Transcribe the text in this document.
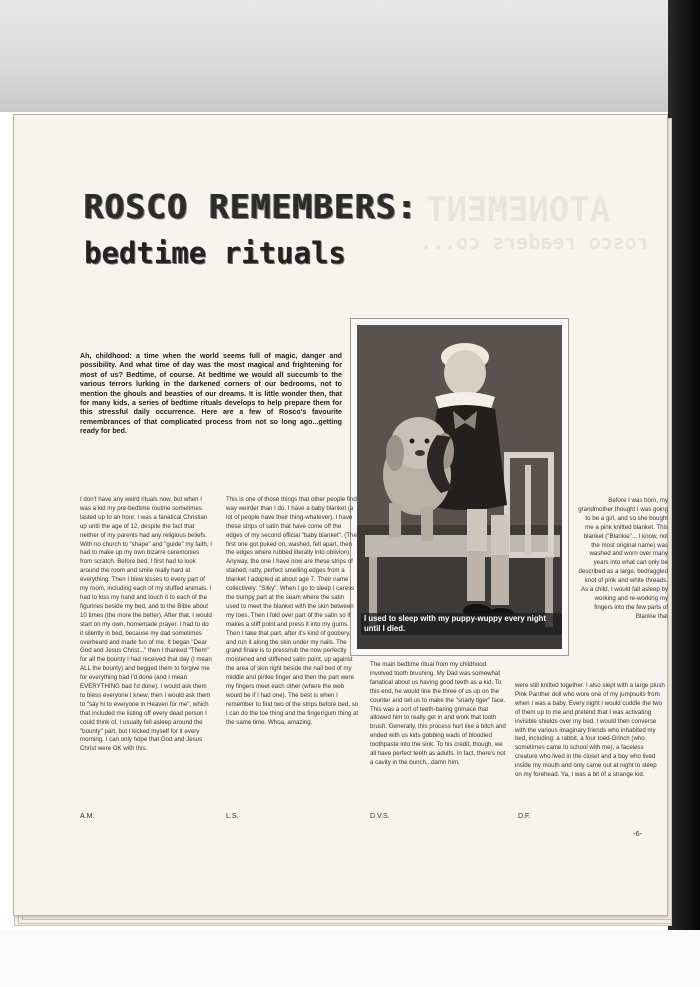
ATONEMENT
rosco readers co...
ROSCO REMEMBERS:
bedtime rituals

Ah, childhood: a time when the world seems full of magic, danger and possibility. And what time of day was the most magical and frightening for most of us? Bedtime, of course. At bedtime we would all succumb to the various terrors lurking in the darkened corners of our bedrooms, not to mention the ghouls and beasties of our dreams. It is little wonder then, that for many kids, a series of bedtime rituals develops to help prepare them for this stressful daily occurrence. Here are a few of Rosco's favourite remembrances of that complicated process from not so long ago...getting ready for bed.

I used to sleep with my puppy-wuppy every night until I died.

I don't have any weird rituals now, but when I was a kid my pre-bedtime routine sometimes lasted up to an hour. I was a fanatical Christian up until the age of 12, despite the fact that neither of my parents had any religious beliefs. With no church to "shape" and "guide" my faith, I had to make up my own bizarre ceremonies from scratch. Before bed, I first had to look around the room and smile really hard at everything. Then I blew kisses to every part of my room, including each of my stuffed animals. I had to kiss my hand and touch it to each of the figurines beside my bed, and to the Bible about 10 times (the more the better). After that, I would start on my own, homemade prayer. I had to do it silently in bed, because my dad sometimes overheard and made fun of me. It began "Dear God and Jesus Christ..." then I thanked "Them" for all the bounty I had received that day (I mean ALL the bounty) and begged them to forgive me for everything bad I'd done (and I mean EVERYTHING bad I'd done). I would ask them to bless everyone I knew, then I would ask them to "say hi to everyone in Heaven for me", which that included me listing off every dead person I could think of. I usually fell asleep around the "bounty" part, but I kicked myself for it every morning. I can only hope that God and Jesus Christ were OK with this.

This is one of those things that other people find way weirder than I do. I have a baby blanket (a lot of people have their thing-whatever). I have these strips of satin that have come off the edges of my second official "baby blanket". (The first one got puked on, washed, fell apart, then the edges where rubbed literally into oblivion). Anyway, the one I have now are these strips of stained, ratty, perfect smelling edges from a blanket I adopted at about age 7. Their name collectively: "Silky". When I go to sleep I caress the bumpy part at the seam where the satin used to meet the blanket with the skin between my toes. Then I fold over part of the satin so it makes a stiff point and press it into my gums. Then I take that part, after it's kind of goobery, and run it along the skin under my nails. The grand finale is to press/rub the now perfectly moistened and stiffened satin point, up against the area of skin right beside the nail bed of my middle and pinkie finger and then the part were my fingers meet each other (where the web would be if I had one). The best is when I remember to find two of the strips before bed, so I can do the toe thing and the finger/gum thing at the same time. Whoa, amazing.

The main bedtime ritual from my childhood involved tooth brushing. My Dad was somewhat fanatical about us having good teeth as a kid. To this end, he would line the three of us up on the counter and tell us to make the "snarly tiger" face. This was a sort of teeth-baring grimace that allowed him to really get in and work that tooth brush. Generally, this process hurt like a bitch and ended with us kids gobbing wads of bloodied toothpaste into the sink. To his credit, though, we all have perfect teeth as adults. In fact, there's not a cavity in the bunch...damn him.

Before I was born, my grandmother thought I was going to be a girl, and so she bought me a pink knitted blanket. This blanket ("Blankie"... I know, not the most original name) was washed and worn over many years into what can only be described as a large, bedraggled knot of pink and white threads. As a child, I would fall asleep by working and re-working my fingers into the few parts of Blankie that

were still knitted together. I also slept with a large plush Pink Panther doll who wore one of my jumpsuits from when I was a baby. Every night I would cuddle the two of them up to me and pretend that I was activating invisible shields over my bed. I would then converse with the various imaginary friends who inhabited my bed, including: a rabbit, a four toed-Grinch (who sometimes came to school with me), a faceless creature who lived in the closet and a boy who lived inside my mouth and only came out at night to sleep on my forehead. Ya, I was a bit of a strange kid.

A.M.	L.S.	D.V.S.	D.F.

-6-
